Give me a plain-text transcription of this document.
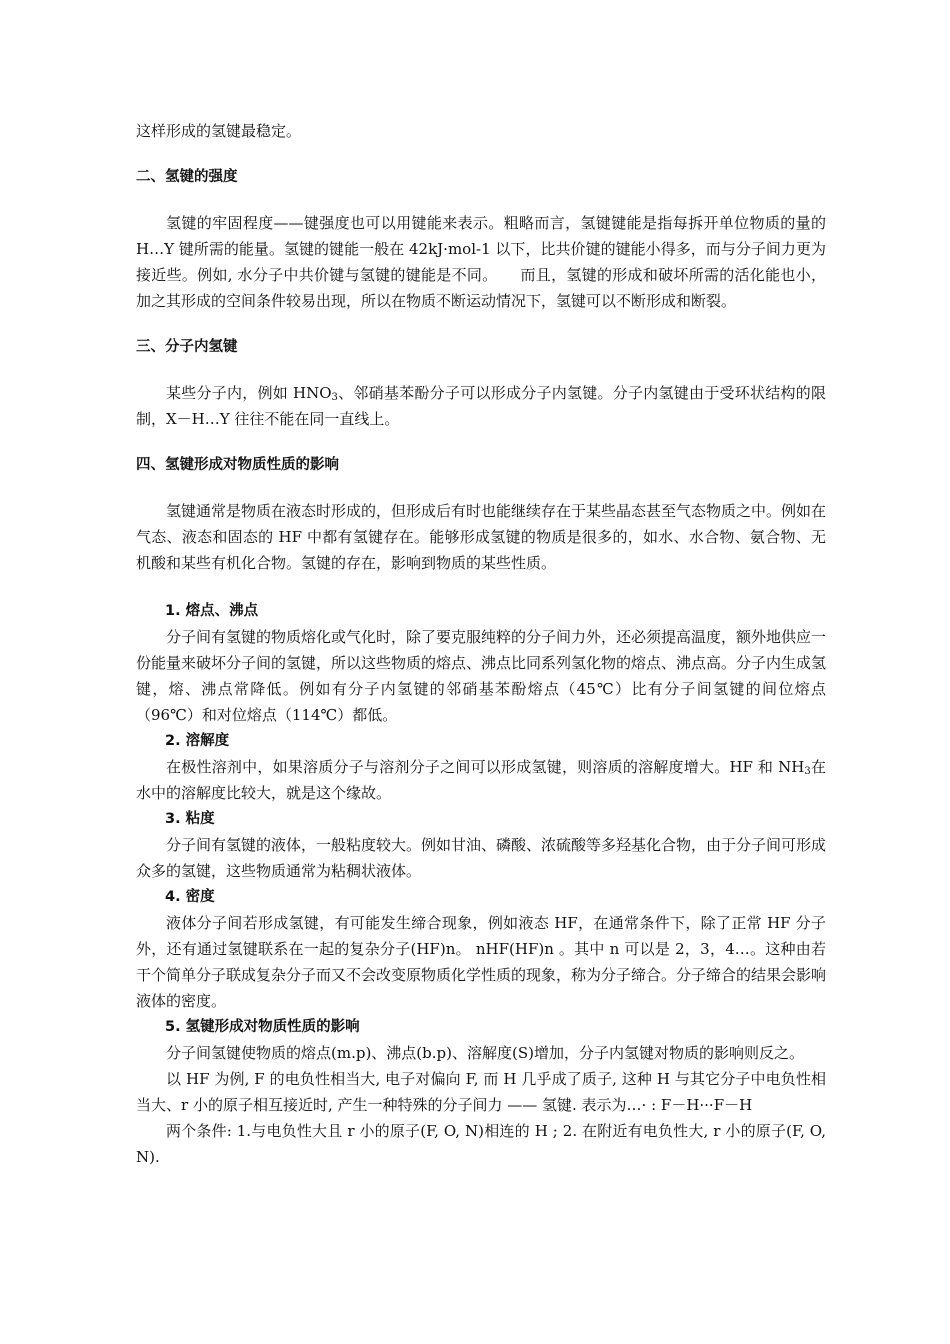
这样形成的氢键最稳定。

二、氢键的强度

氢键的牢固程度——键强度也可以用键能来表示。粗略而言，氢键键能是指每拆开单位物质的量的 H…Y 键所需的能量。氢键的键能一般在 42kJ·mol-1 以下，比共价键的键能小得多，而与分子间力更为接近些。例如, 水分子中共价键与氢键的键能是不同。　　而且，氢键的形成和破坏所需的活化能也小，加之其形成的空间条件较易出现，所以在物质不断运动情况下，氢键可以不断形成和断裂。

三、分子内氢键

某些分子内，例如 $HNO_3$、邻硝基苯酚分子可以形成分子内氢键。分子内氢键由于受环状结构的限制，X－H…Y 往往不能在同一直线上。

四、氢键形成对物质性质的影响

氢键通常是物质在液态时形成的，但形成后有时也能继续存在于某些晶态甚至气态物质之中。例如在气态、液态和固态的 HF 中都有氢键存在。能够形成氢键的物质是很多的，如水、水合物、氨合物、无机酸和某些有机化合物。氢键的存在，影响到物质的某些性质。

1. 熔点、沸点

分子间有氢键的物质熔化或气化时，除了要克服纯粹的分子间力外，还必须提高温度，额外地供应一份能量来破坏分子间的氢键，所以这些物质的熔点、沸点比同系列氢化物的熔点、沸点高。分子内生成氢键，熔、沸点常降低。例如有分子内氢键的邻硝基苯酚熔点（45℃）比有分子间氢键的间位熔点（96℃）和对位熔点（114℃）都低。

2. 溶解度

在极性溶剂中，如果溶质分子与溶剂分子之间可以形成氢键，则溶质的溶解度增大。HF 和 $NH_3$在水中的溶解度比较大，就是这个缘故。

3. 粘度

分子间有氢键的液体，一般粘度较大。例如甘油、磷酸、浓硫酸等多羟基化合物，由于分子间可形成众多的氢键，这些物质通常为粘稠状液体。

4. 密度

液体分子间若形成氢键，有可能发生缔合现象，例如液态 HF，在通常条件下，除了正常 HF 分子外，还有通过氢键联系在一起的复杂分子(HF)n。 nHF(HF)n 。其中 n 可以是 2，3，4…。这种由若干个简单分子联成复杂分子而又不会改变原物质化学性质的现象，称为分子缔合。分子缔合的结果会影响液体的密度。

5. 氢键形成对物质性质的影响

分子间氢键使物质的熔点(m.p)、沸点(b.p)、溶解度(S)增加，分子内氢键对物质的影响则反之。

以 HF 为例, F 的电负性相当大, 电子对偏向 F, 而 H 几乎成了质子, 这种 H 与其它分子中电负性相当大、r 小的原子相互接近时, 产生一种特殊的分子间力 —— 氢键. 表示为…· : F－H···F－H

两个条件: 1.与电负性大且 r 小的原子(F, O, N)相连的 H ; 2. 在附近有电负性大, r 小的原子(F, O, N).
